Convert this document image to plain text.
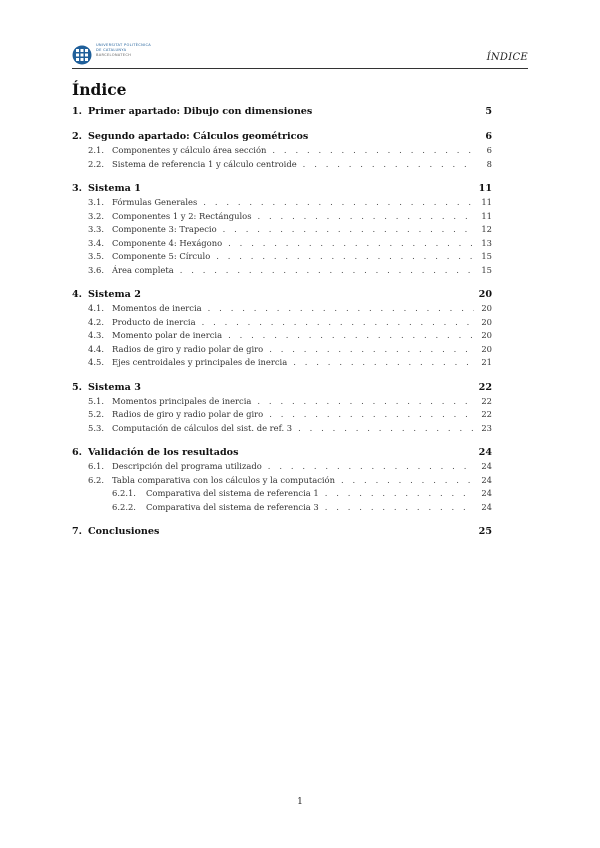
UNIVERSITAT POLITÈCNICA
DE CATALUNYA
BARCELONATECH	ÍNDICE
Índice
1. Primer apartado: Dibujo con dimensiones	5
2. Segundo apartado: Cálculos geométricos	6
2.1. Componentes y cálculo área sección . . .	6
2.2. Sistema de referencia 1 y cálculo centroide . . .	8
3. Sistema 1	11
3.1. Fórmulas Generales . . .	11
3.2. Componentes 1 y 2: Rectángulos . . .	11
3.3. Componente 3: Trapecio . . .	12
3.4. Componente 4: Hexágono . . .	13
3.5. Componente 5: Círculo . . .	15
3.6. Área completa . . .	15
4. Sistema 2	20
4.1. Momentos de inercia . . .	20
4.2. Producto de inercia . . .	20
4.3. Momento polar de inercia . . .	20
4.4. Radios de giro y radio polar de giro . . .	20
4.5. Ejes centroidales y principales de inercia . . .	21
5. Sistema 3	22
5.1. Momentos principales de inercia . . .	22
5.2. Radios de giro y radio polar de giro . . .	22
5.3. Computación de cálculos del sist. de ref. 3 . . .	23
6. Validación de los resultados	24
6.1. Descripción del programa utilizado . . .	24
6.2. Tabla comparativa con los cálculos y la computación . . .	24
6.2.1.	Comparativa del sistema de referencia 1 . . .	24
6.2.2.	Comparativa del sistema de referencia 3 . . .	24
7. Conclusiones	25
1
